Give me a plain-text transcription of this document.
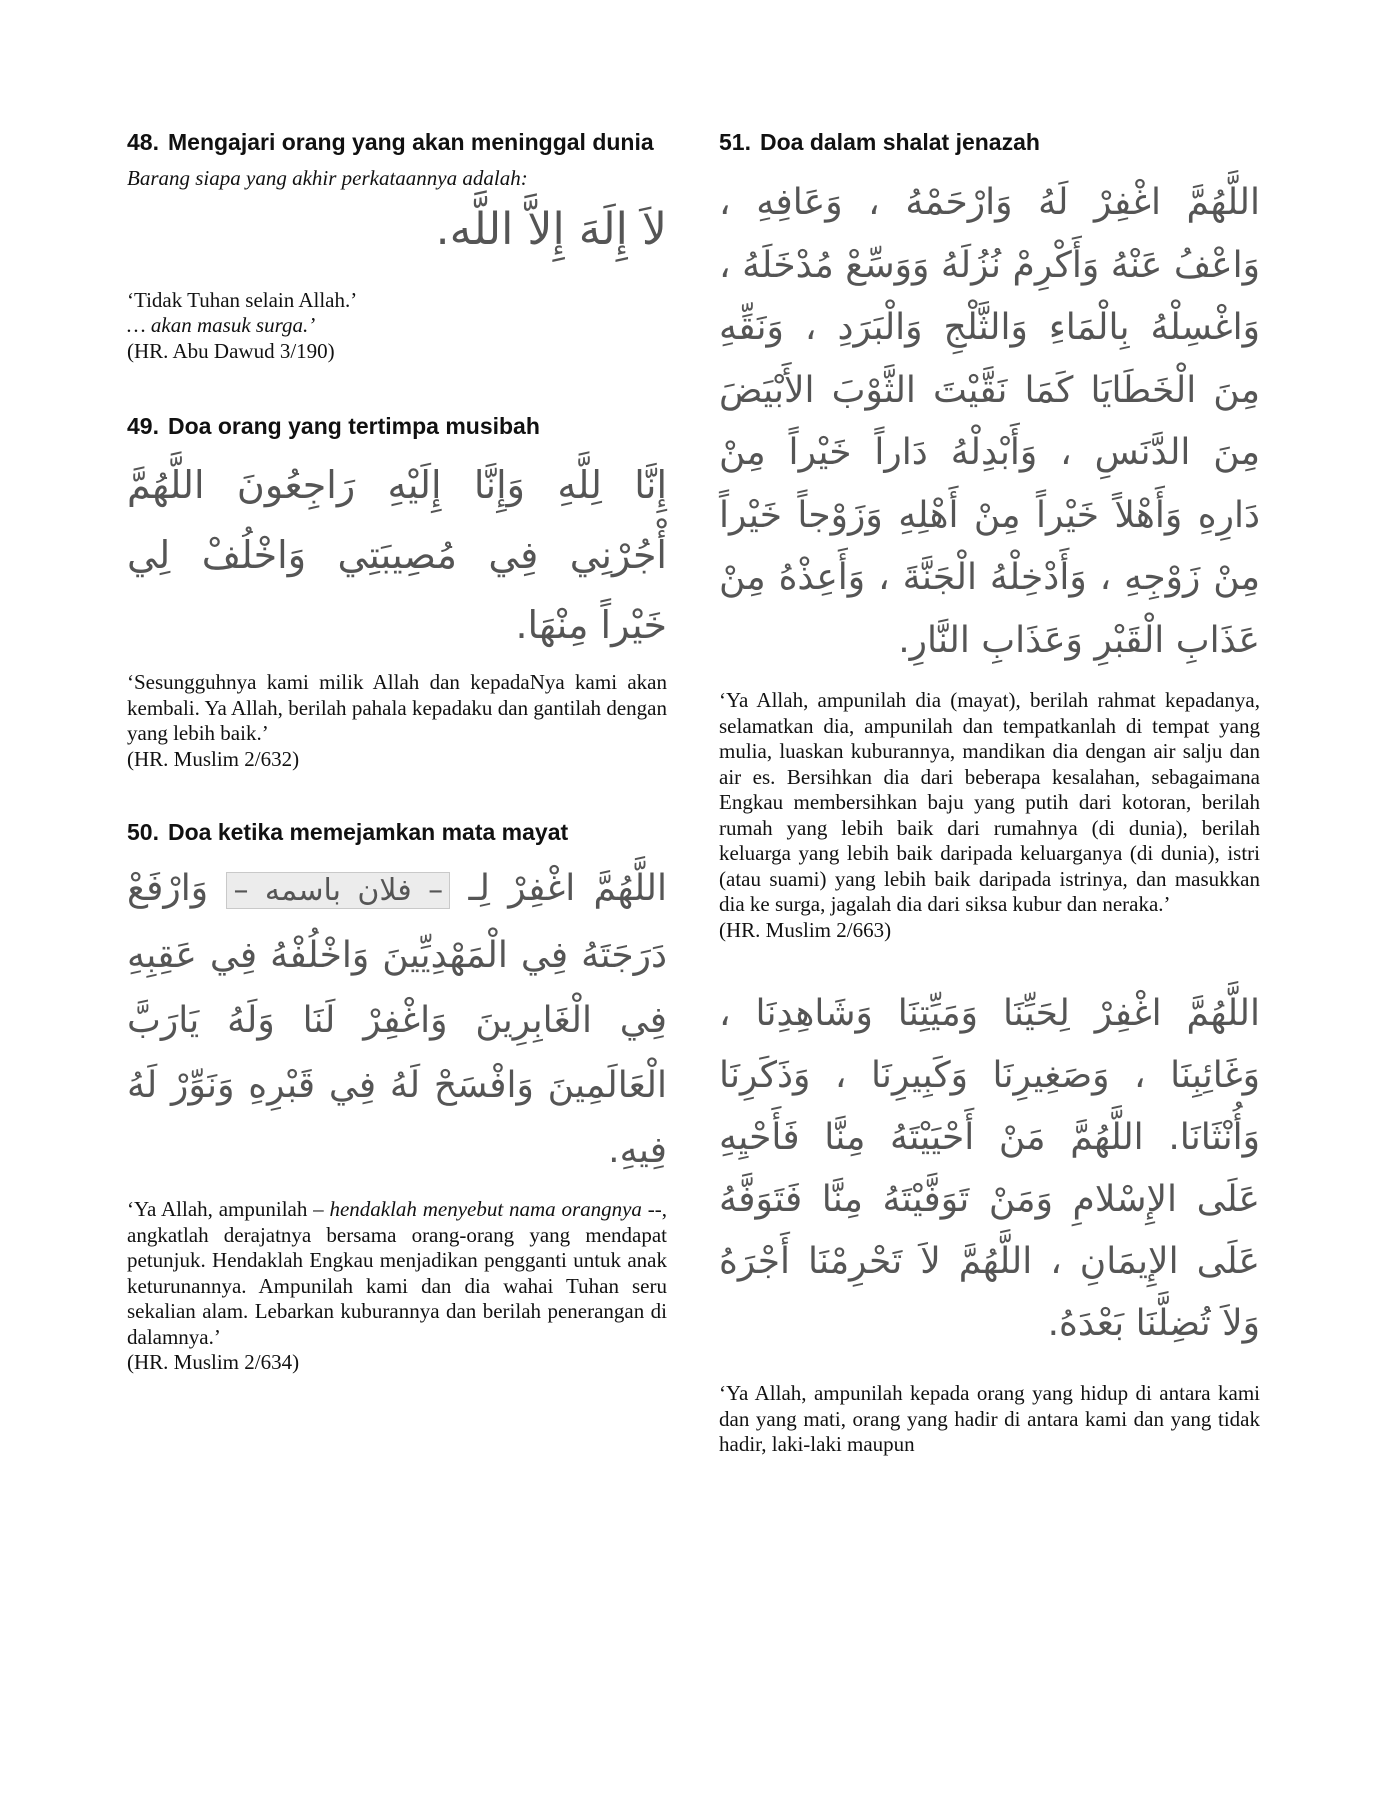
48. Mengajari orang yang akan meninggal dunia

Barang siapa yang akhir perkataannya adalah:

لاَ إِلَهَ إِلاَّ اللَّه.

‘Tidak Tuhan selain Allah.’

… akan masuk surga.’

(HR. Abu Dawud 3/190)

49. Doa orang yang tertimpa musibah

إِنَّا لِلَّهِ وَإِنَّا إِلَيْهِ رَاجِعُونَ اللَّهُمَّ أْجُرْنِي فِي مُصِيبَتِي وَاخْلُفْ لِي خَيْراً مِنْهَا.

‘Sesungguhnya kami milik Allah dan kepadaNya kami akan kembali. Ya Allah, berilah pahala kepadaku dan gantilah dengan yang lebih baik.’

(HR. Muslim 2/632)

50. Doa ketika memejamkan mata mayat

اللَّهُمَّ اغْفِرْ لِـ – فلان باسمه – وَارْفَعْ دَرَجَتَهُ فِي الْمَهْدِيِّينَ وَاخْلُفْهُ فِي عَقِبِهِ فِي الْغَابِرِينَ وَاغْفِرْ لَنَا وَلَهُ يَارَبَّ الْعَالَمِينَ وَافْسَحْ لَهُ فِي قَبْرِهِ وَنَوِّرْ لَهُ فِيهِ.

‘Ya Allah, ampunilah – hendaklah menyebut nama orangnya --, angkatlah derajatnya bersama orang-orang yang mendapat petunjuk. Hendaklah Engkau menjadikan pengganti untuk anak keturunannya. Ampunilah kami dan dia wahai Tuhan seru sekalian alam. Lebarkan kuburannya dan berilah penerangan di dalamnya.’

(HR. Muslim 2/634)

51. Doa dalam shalat jenazah

اللَّهُمَّ اغْفِرْ لَهُ وَارْحَمْهُ ، وَعَافِهِ ، وَاعْفُ عَنْهُ وَأَكْرِمْ نُزُلَهُ وَوَسِّعْ مُدْخَلَهُ ، وَاغْسِلْهُ بِالْمَاءِ وَالثَّلْجِ وَالْبَرَدِ ، وَنَقِّهِ مِنَ الْخَطَايَا كَمَا نَقَّيْتَ الثَّوْبَ الأَبْيَضَ مِنَ الدَّنَسِ ، وَأَبْدِلْهُ دَاراً خَيْراً مِنْ دَارِهِ وَأَهْلاً خَيْراً مِنْ أَهْلِهِ وَزَوْجاً خَيْراً مِنْ زَوْجِهِ ، وَأَدْخِلْهُ الْجَنَّةَ ، وَأَعِذْهُ مِنْ عَذَابِ الْقَبْرِ وَعَذَابِ النَّارِ.

‘Ya Allah, ampunilah dia (mayat), berilah rahmat kepadanya, selamatkan dia, ampunilah dan tempatkanlah di tempat yang mulia, luaskan kuburannya, mandikan dia dengan air salju dan air es. Bersihkan dia dari beberapa kesalahan, sebagaimana Engkau membersihkan baju yang putih dari kotoran, berilah rumah yang lebih baik dari rumahnya (di dunia), berilah keluarga yang lebih baik daripada keluarganya (di dunia), istri (atau suami) yang lebih baik daripada istrinya, dan masukkan dia ke surga, jagalah dia dari siksa kubur dan neraka.’

(HR. Muslim 2/663)

اللَّهُمَّ اغْفِرْ لِحَيِّنَا وَمَيِّتِنَا وَشَاهِدِنَا ، وَغَائِبِنَا ، وَصَغِيرِنَا وَكَبِيرِنَا ، وَذَكَرِنَا وَأُنْثَانَا. اللَّهُمَّ مَنْ أَحْيَيْتَهُ مِنَّا فَأَحْيِهِ عَلَى الإِسْلامِ وَمَنْ تَوَفَّيْتَهُ مِنَّا فَتَوَفَّهُ عَلَى الإِيمَانِ ، اللَّهُمَّ لاَ تَحْرِمْنَا أَجْرَهُ وَلاَ تُضِلَّنَا بَعْدَهُ.

‘Ya Allah, ampunilah kepada orang yang hidup di antara kami dan yang mati, orang yang hadir di antara kami dan yang tidak hadir, laki-laki maupun
